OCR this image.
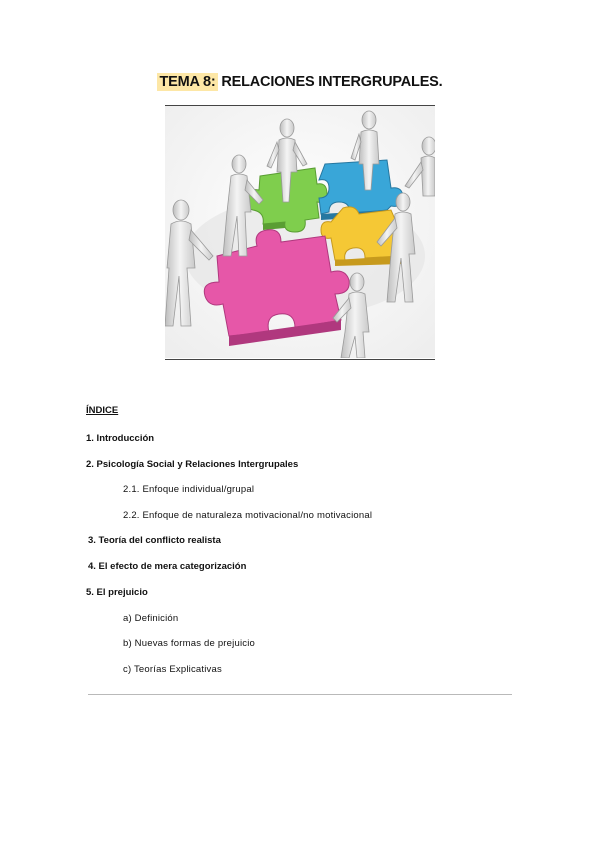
TEMA 8: RELACIONES INTERGRUPALES.
ÍNDICE
1. Introducción
2. Psicología Social y Relaciones Intergrupales
2.1. Enfoque individual/grupal
2.2. Enfoque de naturaleza motivacional/no motivacional
3. Teoría del conflicto realista
4. El efecto de mera categorización
5. El prejuicio
a) Definición
b) Nuevas formas de prejuicio
c) Teorías Explicativas
